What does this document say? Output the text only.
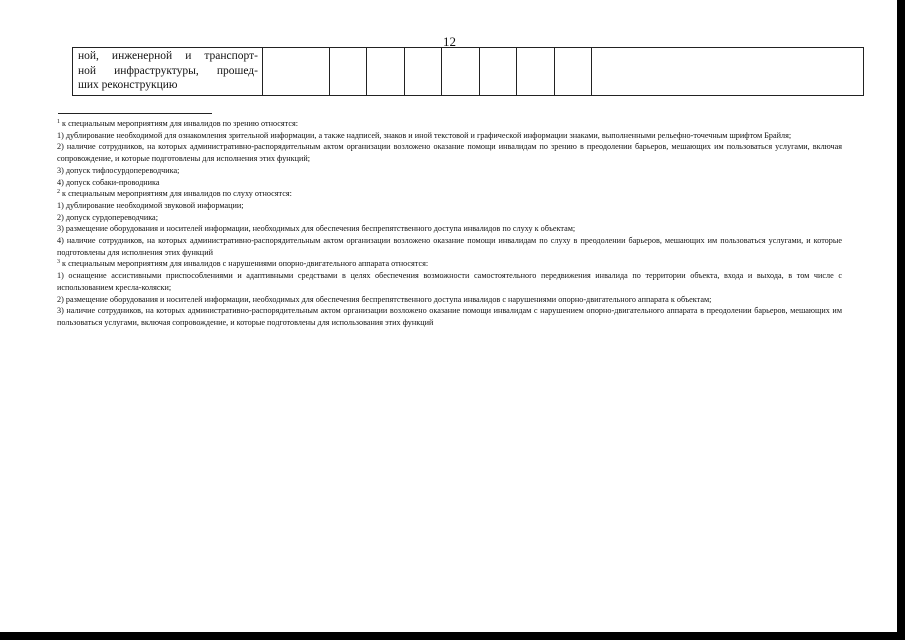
12
ной, инженерной и транспорт-
ной инфраструктуры, прошед-
ших реконструкцию

$^1$ к специальным мероприятиям для инвалидов по зрению относятся:

1) дублирование необходимой для ознакомления зрительной информации, а также надписей, знаков и иной текстовой и графической информации знаками, выполненными рельефно-точечным шрифтом Брайля;

2) наличие сотрудников, на которых административно-распорядительным актом организации возложено оказание помощи инвалидам по зрению в преодолении барьеров, мешающих им пользоваться услугами, включая сопровождение, и которые подготовлены для исполнения этих функций;

3) допуск тифлосурдопереводчика;

4) допуск собаки-проводника

$^2$ к специальным мероприятиям для инвалидов по слуху относятся:

1) дублирование необходимой звуковой информации;

2) допуск сурдопереводчика;

3) размещение оборудования и носителей информации, необходимых для обеспечения беспрепятственного доступа инвалидов по слуху к объектам;

4) наличие сотрудников, на которых административно-распорядительным актом организации возложено оказание помощи инвалидам по слуху в преодолении барьеров, мешающих им пользоваться услугами, и которые подготовлены для исполнения этих функций

$^3$ к специальным мероприятиям для инвалидов с нарушениями опорно-двигательного аппарата относятся:

1) оснащение ассистивными приспособлениями и адаптивными средствами в целях обеспечения возможности самостоятельного передвижения инвалида по территории объекта, входа и выхода, в том числе с использованием кресла-коляски;

2) размещение оборудования и носителей информации, необходимых для обеспечения беспрепятственного доступа инвалидов с нарушениями опорно-двигательного аппарата к объектам;

3) наличие сотрудников, на которых административно-распорядительным актом организации возложено оказание помощи инвалидам с нарушением опорно-двигательного аппарата в преодолении барьеров, мешающих им пользоваться услугами, включая сопровождение, и которые подготовлены для использования этих функций
